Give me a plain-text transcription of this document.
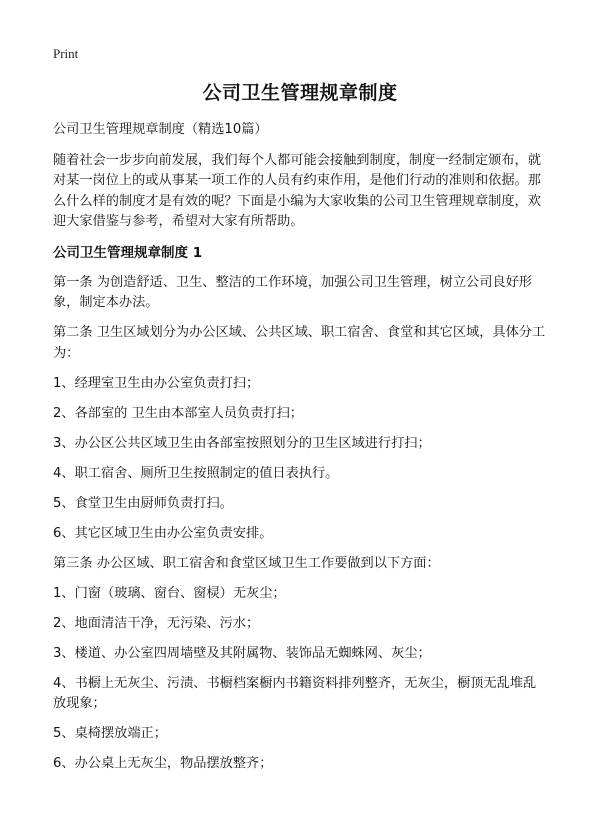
Print
公司卫生管理规章制度

公司卫生管理规章制度（精选10篇）

随着社会一步步向前发展，我们每个人都可能会接触到制度，制度一经制定颁布，就对某一岗位上的或从事某一项工作的人员有约束作用，是他们行动的准则和依据。那么什么样的制度才是有效的呢？下面是小编为大家收集的公司卫生管理规章制度，欢迎大家借鉴与参考，希望对大家有所帮助。

公司卫生管理规章制度 1

第一条 为创造舒适、卫生、整洁的工作环境，加强公司卫生管理，树立公司良好形象，制定本办法。

第二条 卫生区域划分为办公区域、公共区域、职工宿舍、食堂和其它区域，具体分工为：

1、经理室卫生由办公室负责打扫；

2、各部室的 卫生由本部室人员负责打扫；

3、办公区公共区域卫生由各部室按照划分的卫生区域进行打扫；

4、职工宿舍、厕所卫生按照制定的值日表执行。

5、食堂卫生由厨师负责打扫。

6、其它区域卫生由办公室负责安排。

第三条 办公区域、职工宿舍和食堂区域卫生工作要做到以下方面：

1、门窗（玻璃、窗台、窗棂）无灰尘；

2、地面清洁干净，无污染、污水；

3、楼道、办公室四周墙壁及其附属物、装饰品无蜘蛛网、灰尘；

4、书橱上无灰尘、污渍、书橱档案橱内书籍资料排列整齐，无灰尘，橱顶无乱堆乱放现象；

5、桌椅摆放端正；

6、办公桌上无灰尘，物品摆放整齐；
